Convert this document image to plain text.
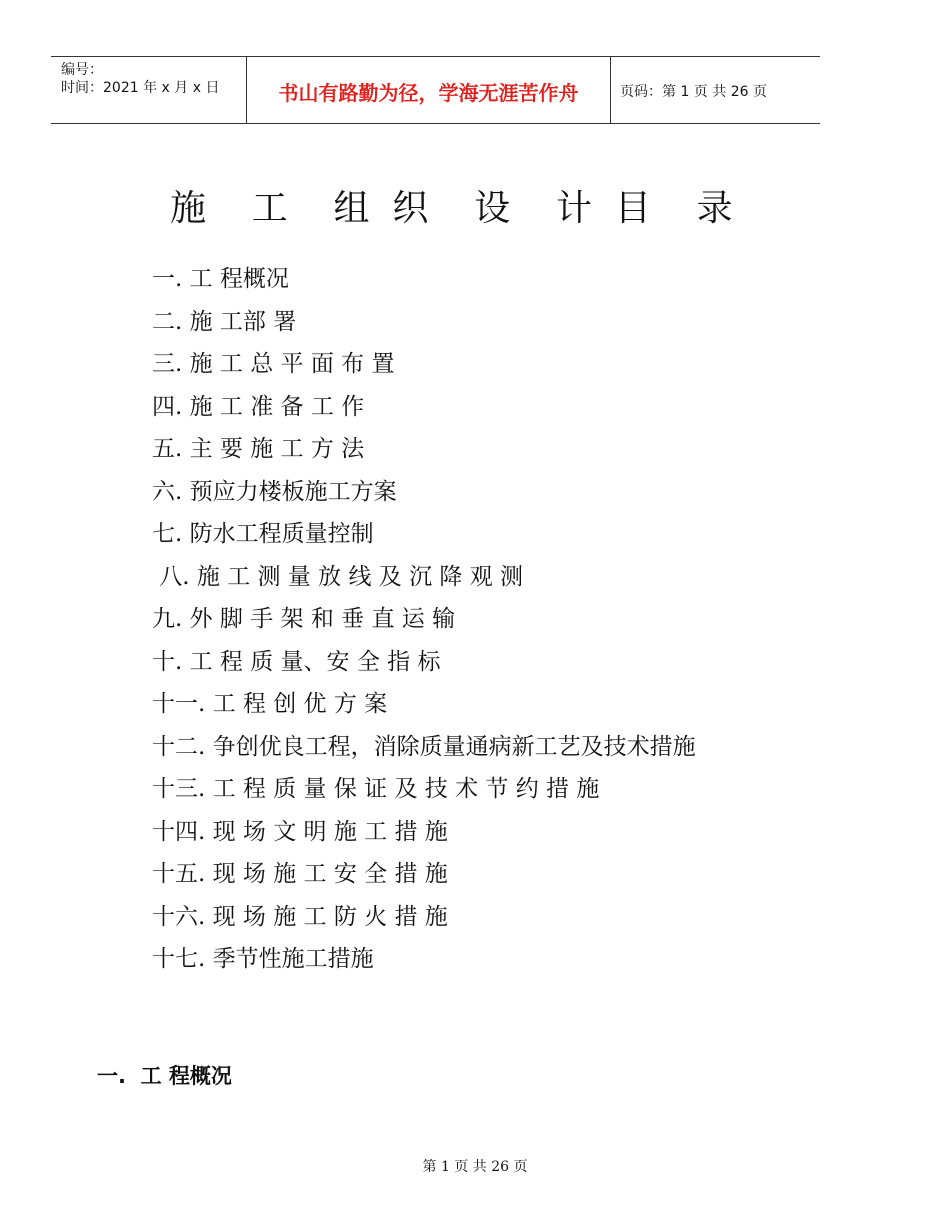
编号：
时间：2021 年 x 月 x 日	书山有路勤为径，学海无涯苦作舟	页码：第 1 页 共 26 页
施    工    组  织    设    计  目    录
一. 工 程概况
二. 施 工部 署
三. 施 工 总 平 面 布 置
四. 施 工 准 备 工 作
五. 主 要 施 工 方 法
六. 预应力楼板施工方案
七. 防水工程质量控制
八. 施 工 测 量 放 线 及 沉 降 观 测
九. 外 脚 手 架 和 垂 直 运 输
十. 工 程 质 量、安 全 指 标
十一. 工 程 创 优 方 案
十二. 争创优良工程，消除质量通病新工艺及技术措施
十三. 工 程 质 量 保 证 及 技 术 节 约 措 施
十四. 现 场 文 明 施 工 措 施
十五. 现 场 施 工 安 全 措 施
十六. 现 场 施 工 防 火 措 施
十七. 季节性施工措施
一.  工 程概况
第 1 页 共 26 页
